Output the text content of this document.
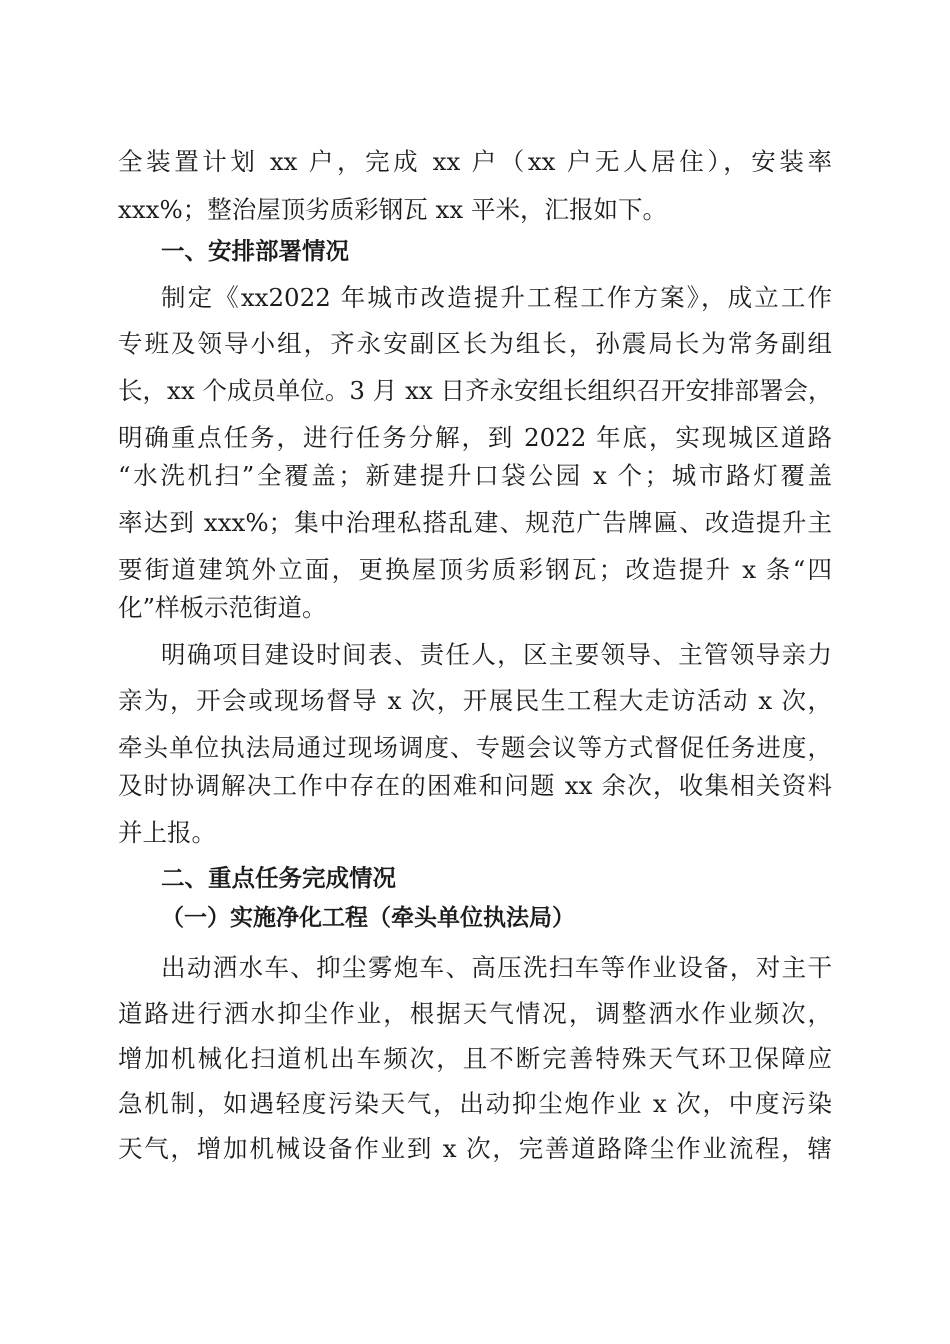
全装置计划 xx 户，完成 xx 户（xx 户无人居住），安装率
xxx%；整治屋顶劣质彩钢瓦 xx 平米，汇报如下。
一、安排部署情况
制定《xx2022 年城市改造提升工程工作方案》，成立工作
专班及领导小组，齐永安副区长为组长，孙震局长为常务副组
长，xx 个成员单位。3 月 xx 日齐永安组长组织召开安排部署会，
明确重点任务，进行任务分解，到 2022 年底，实现城区道路
“水洗机扫”全覆盖；新建提升口袋公园 x 个；城市路灯覆盖
率达到 xxx%；集中治理私搭乱建、规范广告牌匾、改造提升主
要街道建筑外立面，更换屋顶劣质彩钢瓦；改造提升 x 条“四
化”样板示范街道。
明确项目建设时间表、责任人，区主要领导、主管领导亲力
亲为，开会或现场督导 x 次，开展民生工程大走访活动 x 次，
牵头单位执法局通过现场调度、专题会议等方式督促任务进度，
及时协调解决工作中存在的困难和问题 xx 余次，收集相关资料
并上报。
二、重点任务完成情况
（一）实施净化工程（牵头单位执法局）
出动洒水车、抑尘雾炮车、高压洗扫车等作业设备，对主干
道路进行洒水抑尘作业，根据天气情况，调整洒水作业频次，
增加机械化扫道机出车频次，且不断完善特殊天气环卫保障应
急机制，如遇轻度污染天气，出动抑尘炮作业 x 次，中度污染
天气，增加机械设备作业到 x 次，完善道路降尘作业流程，辖
